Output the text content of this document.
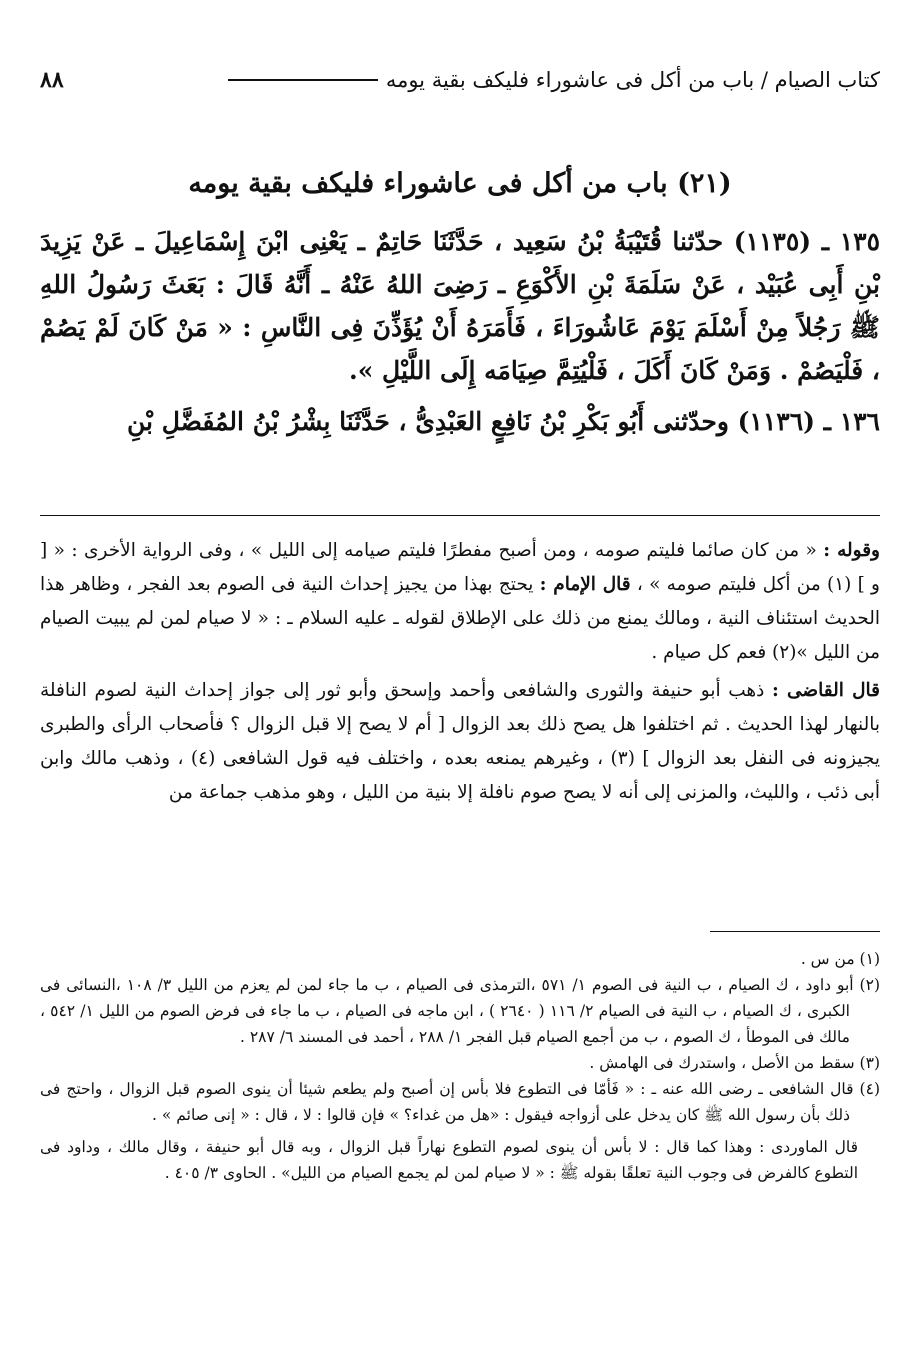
كتاب الصيام / باب من أكل فى عاشوراء فليكف بقية يومه
٨٨
(٢١) باب من أكل فى عاشوراء فليكف بقية يومه

١٣٥ ـ (١١٣٥) حدّثنا قُتَيْبَةُ بْنُ سَعِيد ، حَدَّثَنَا حَاتِمٌ ـ يَعْنِى ابْنَ إِسْمَاعِيلَ ـ عَنْ يَزِيدَ بْنِ أَبِى عُبَيْد ، عَنْ سَلَمَةَ بْنِ الأَكْوَعِ ـ رَضِىَ اللهُ عَنْهُ ـ أَنَّهُ قَالَ : بَعَثَ رَسُولُ اللهِ ﷺ رَجُلاً مِنْ أَسْلَمَ يَوْمَ عَاشُورَاءَ ، فَأَمَرَهُ أَنْ يُؤَذِّنَ فِى النَّاسِ : « مَنْ كَانَ لَمْ يَصُمْ ، فَلْيَصُمْ . وَمَنْ كَانَ أَكَلَ ، فَلْيُتِمَّ صِيَامَه إِلَى اللَّيْلِ ».

١٣٦ ـ (١١٣٦) وحدّثنى أَبُو بَكْرِ بْنُ نَافِعٍ العَبْدِىُّ ، حَدَّثَنَا بِشْرُ بْنُ المُفَضَّلِ بْنِ

وقوله : « من كان صائما فليتم صومه ، ومن أصبح مفطرًا فليتم صيامه إلى الليل » ، وفى الرواية الأخرى : « [ و ] (١) من أكل فليتم صومه » ، قال الإمام : يحتج بهذا من يجيز إحداث النية فى الصوم بعد الفجر ، وظاهر هذا الحديث استئناف النية ، ومالك يمنع من ذلك على الإطلاق لقوله ـ عليه السلام ـ : « لا صيام لمن لم يبيت الصيام من الليل »(٢) فعم كل صيام .

قال القاضى : ذهب أبو حنيفة والثورى والشافعى وأحمد وإسحق وأبو ثور إلى جواز إحداث النية لصوم النافلة بالنهار لهذا الحديث . ثم اختلفوا هل يصح ذلك بعد الزوال [ أم لا يصح إلا قبل الزوال ؟ فأصحاب الرأى والطبرى يجيزونه فى النفل بعد الزوال ] (٣) ، وغيرهم يمنعه بعده ، واختلف فيه قول الشافعى (٤) ، وذهب مالك وابن أبى ذئب ، والليث، والمزنى إلى أنه لا يصح صوم نافلة إلا بنية من الليل ، وهو مذهب جماعة من

(١) من س .

(٢) أبو داود ، ك الصيام ، ب النية فى الصوم ١/ ٥٧١ ،الترمذى فى الصيام ، ب ما جاء لمن لم يعزم من الليل ٣/ ١٠٨ ،النسائى فى الكبرى ، ك الصيام ، ب النية فى الصيام ٢/ ١١٦ ( ٢٦٤٠ ) ، ابن ماجه فى الصيام ، ب ما جاء فى فرض الصوم من الليل ١/ ٥٤٢ ، مالك فى الموطأ ، ك الصوم ، ب من أجمع الصيام قبل الفجر ١/ ٢٨٨ ، أحمد فى المسند ٦/ ٢٨٧ .

(٣) سقط من الأصل ، واستدرك فى الهامش .

(٤) قال الشافعى ـ رضى الله عنه ـ : « فَأمّا فى التطوع فلا بأس إن أصبح ولم يطعم شيئا أن ينوى الصوم قبل الزوال ، واحتج فى ذلك بأن رسول الله ﷺ كان يدخل على أزواجه فيقول : «هل من غداء؟ » فإن قالوا : لا ، قال : « إنى صائم » .

قال الماوردى : وهذا كما قال : لا بأس أن ينوى لصوم التطوع نهاراً قبل الزوال ، وبه قال أبو حنيفة ، وقال مالك ، وداود فى التطوع كالفرض فى وجوب النية تعلقًا بقوله ﷺ : « لا صيام لمن لم يجمع الصيام من الليل» . الحاوى ٣/ ٤٠٥ .
